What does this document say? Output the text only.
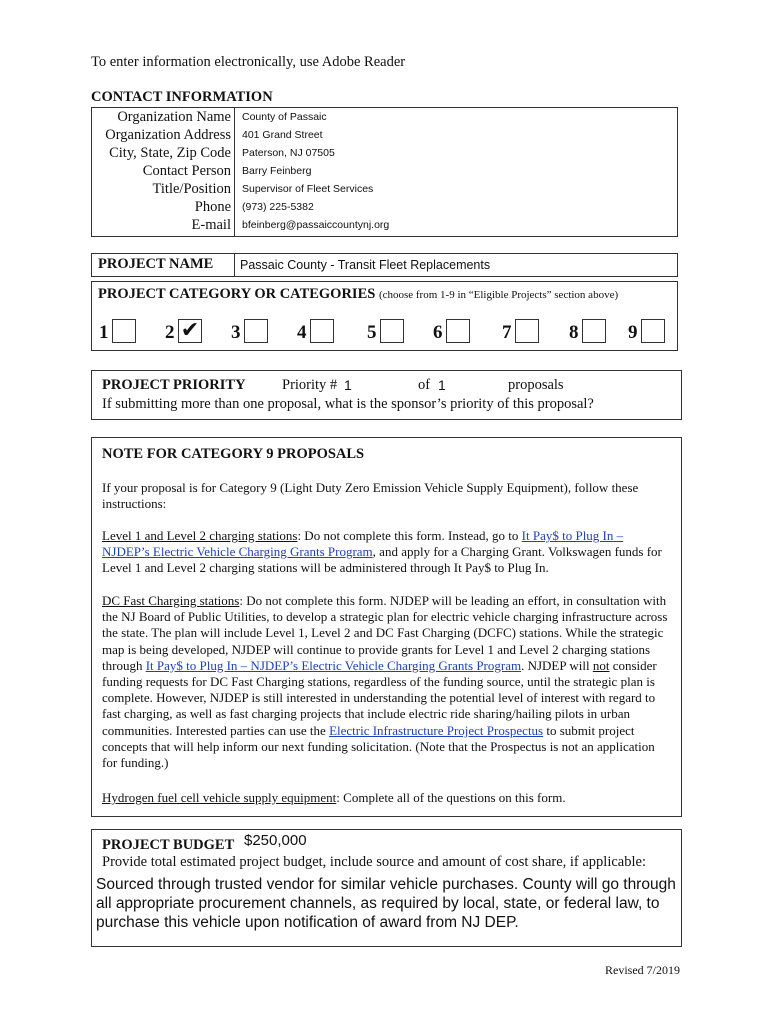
To enter information electronically, use Adobe Reader
CONTACT INFORMATION
Organization Name County of Passaic
Organization Address 401 Grand Street
City, State, Zip Code Paterson, NJ 07505
Contact Person Barry Feinberg
Title/Position Supervisor of Fleet Services
Phone (973) 225-5382
E-mail bfeinberg@passaiccountynj.org
PROJECT NAME Passaic County - Transit Fleet Replacements
PROJECT CATEGORY OR CATEGORIES (choose from 1-9 in “Eligible Projects” section above)
1	2 ✔ 3	4	5	6	7	8	9
PROJECT PRIORITY	Priority # 1	of 1	proposals
If submitting more than one proposal, what is the sponsor’s priority of this proposal?
NOTE FOR CATEGORY 9 PROPOSALS
If your proposal is for Category 9 (Light Duty Zero Emission Vehicle Supply Equipment), follow these instructions:
Level 1 and Level 2 charging stations: Do not complete this form. Instead, go to It Pay$ to Plug In – NJDEP’s Electric Vehicle Charging Grants Program, and apply for a Charging Grant. Volkswagen funds for Level 1 and Level 2 charging stations will be administered through It Pay$ to Plug In.
DC Fast Charging stations: Do not complete this form. NJDEP will be leading an effort, in consultation with the NJ Board of Public Utilities, to develop a strategic plan for electric vehicle charging infrastructure across the state. The plan will include Level 1, Level 2 and DC Fast Charging (DCFC) stations. While the strategic map is being developed, NJDEP will continue to provide grants for Level 1 and Level 2 charging stations through It Pay$ to Plug In – NJDEP’s Electric Vehicle Charging Grants Program. NJDEP will not consider funding requests for DC Fast Charging stations, regardless of the funding source, until the strategic plan is complete. However, NJDEP is still interested in understanding the potential level of interest with regard to fast charging, as well as fast charging projects that include electric ride sharing/hailing pilots in urban communities. Interested parties can use the Electric Infrastructure Project Prospectus to submit project concepts that will help inform our next funding solicitation. (Note that the Prospectus is not an application for funding.)
Hydrogen fuel cell vehicle supply equipment: Complete all of the questions on this form.
PROJECT BUDGET $250,000
Provide total estimated project budget, include source and amount of cost share, if applicable:
Sourced through trusted vendor for similar vehicle purchases. County will go through all appropriate procurement channels, as required by local, state, or federal law, to purchase this vehicle upon notification of award from NJ DEP.
Revised 7/2019
